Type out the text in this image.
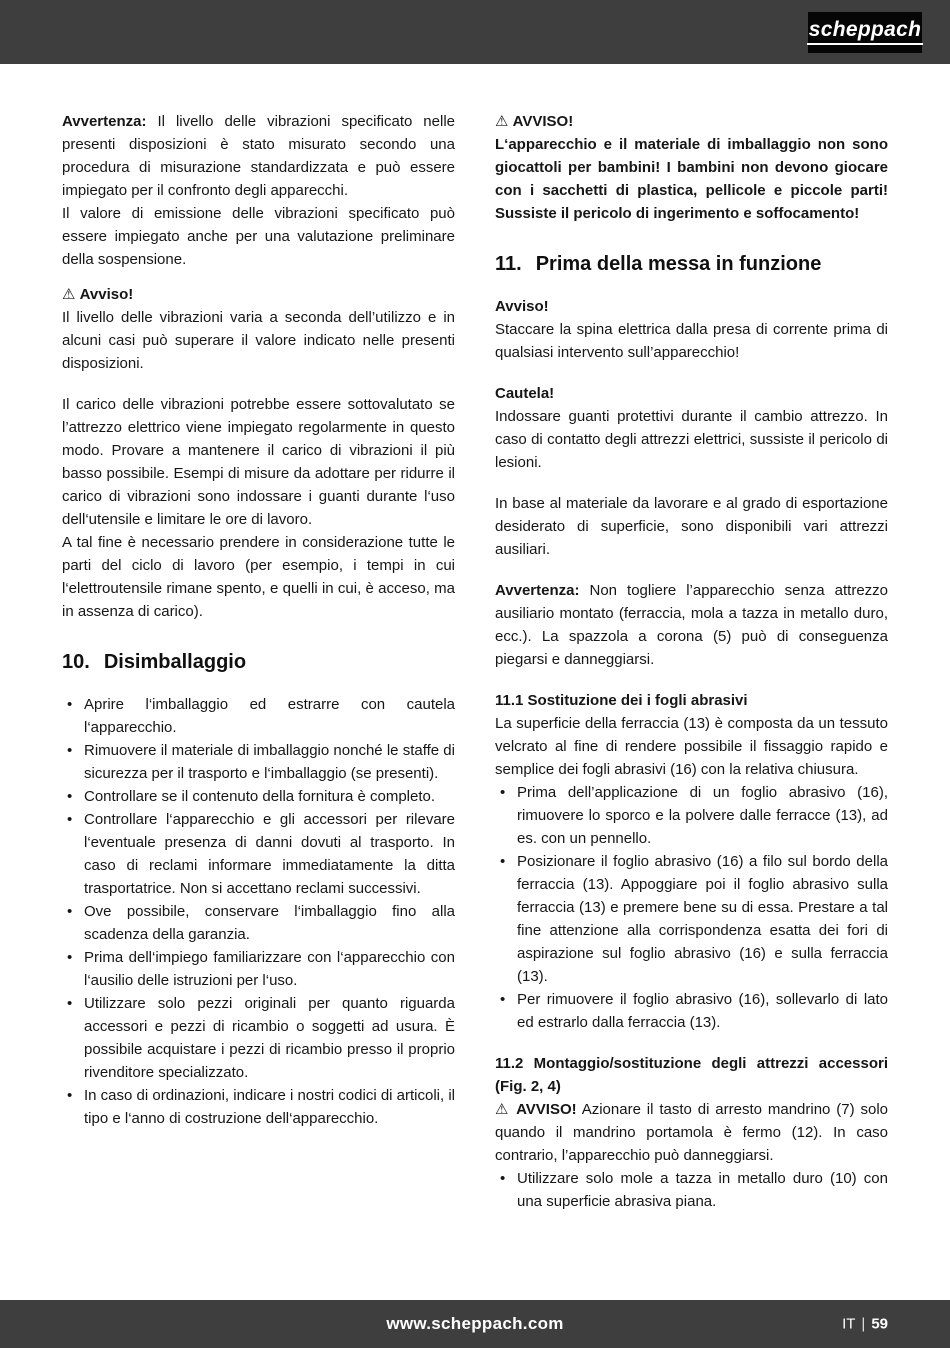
scheppach

Avvertenza: Il livello delle vibrazioni specificato nelle presenti disposizioni è stato misurato secondo una procedura di misurazione standardizzata e può essere impiegato per il confronto degli apparecchi.

Il valore di emissione delle vibrazioni specificato può essere impiegato anche per una valutazione preliminare della sospensione.

⚠ Avviso!

Il livello delle vibrazioni varia a seconda dell’utilizzo e in alcuni casi può superare il valore indicato nelle presenti disposizioni.

Il carico delle vibrazioni potrebbe essere sottovalutato se l’attrezzo elettrico viene impiegato regolarmente in questo modo. Provare a mantenere il carico di vibrazioni il più basso possibile. Esempi di misure da adottare per ridurre il carico di vibrazioni sono indossare i guanti durante l‘uso dell‘utensile e limitare le ore di lavoro.

A tal fine è necessario prendere in considerazione tutte le parti del ciclo di lavoro (per esempio, i tempi in cui l‘elettroutensile rimane spento, e quelli in cui, è acceso, ma in assenza di carico).

10. Disimballaggio
• Aprire l‘imballaggio ed estrarre con cautela l‘apparecchio.
• Rimuovere il materiale di imballaggio nonché le staffe di sicurezza per il trasporto e l‘imballaggio (se presenti).
• Controllare se il contenuto della fornitura è completo.
• Controllare l‘apparecchio e gli accessori per rilevare l‘eventuale presenza di danni dovuti al trasporto. In caso di reclami informare immediatamente la ditta trasportatrice. Non si accettano reclami successivi.
• Ove possibile, conservare l‘imballaggio fino alla scadenza della garanzia.
• Prima dell‘impiego familiarizzare con l‘apparecchio con l‘ausilio delle istruzioni per l‘uso.
• Utilizzare solo pezzi originali per quanto riguarda accessori e pezzi di ricambio o soggetti ad usura. È possibile acquistare i pezzi di ricambio presso il proprio rivenditore specializzato.
• In caso di ordinazioni, indicare i nostri codici di articoli, il tipo e l‘anno di costruzione dell‘apparecchio.

⚠ AVVISO!

L‘apparecchio e il materiale di imballaggio non sono giocattoli per bambini! I bambini non devono giocare con i sacchetti di plastica, pellicole e piccole parti! Sussiste il pericolo di ingerimento e soffocamento!

11. Prima della messa in funzione

Avviso!

Staccare la spina elettrica dalla presa di corrente prima di qualsiasi intervento sull’apparecchio!

Cautela!

Indossare guanti protettivi durante il cambio attrezzo. In caso di contatto degli attrezzi elettrici, sussiste il pericolo di lesioni.

In base al materiale da lavorare e al grado di esportazione desiderato di superficie, sono disponibili vari attrezzi ausiliari.

Avvertenza: Non togliere l’apparecchio senza attrezzo ausiliario montato (ferraccia, mola a tazza in metallo duro, ecc.). La spazzola a corona (5) può di conseguenza piegarsi e danneggiarsi.

11.1 Sostituzione dei i fogli abrasivi

La superficie della ferraccia (13) è composta da un tessuto velcrato al fine di rendere possibile il fissaggio rapido e semplice dei fogli abrasivi (16) con la relativa chiusura.

• Prima dell’applicazione di un foglio abrasivo (16), rimuovere lo sporco e la polvere dalle ferracce (13), ad es. con un pennello.
• Posizionare il foglio abrasivo (16) a filo sul bordo della ferraccia (13). Appoggiare poi il foglio abrasivo sulla ferraccia (13) e premere bene su di essa. Prestare a tal fine attenzione alla corrispondenza esatta dei fori di aspirazione sul foglio abrasivo (16) e sulla ferraccia (13).
• Per rimuovere il foglio abrasivo (16), sollevarlo di lato ed estrarlo dalla ferraccia (13).
11.2 Montaggio/sostituzione degli attrezzi accessori (Fig. 2, 4)

⚠ AVVISO! Azionare il tasto di arresto mandrino (7) solo quando il mandrino portamola è fermo (12). In caso contrario, l’apparecchio può danneggiarsi.

• Utilizzare solo mole a tazza in metallo duro (10) con una superficie abrasiva piana.
www.scheppach.com	IT | 59
